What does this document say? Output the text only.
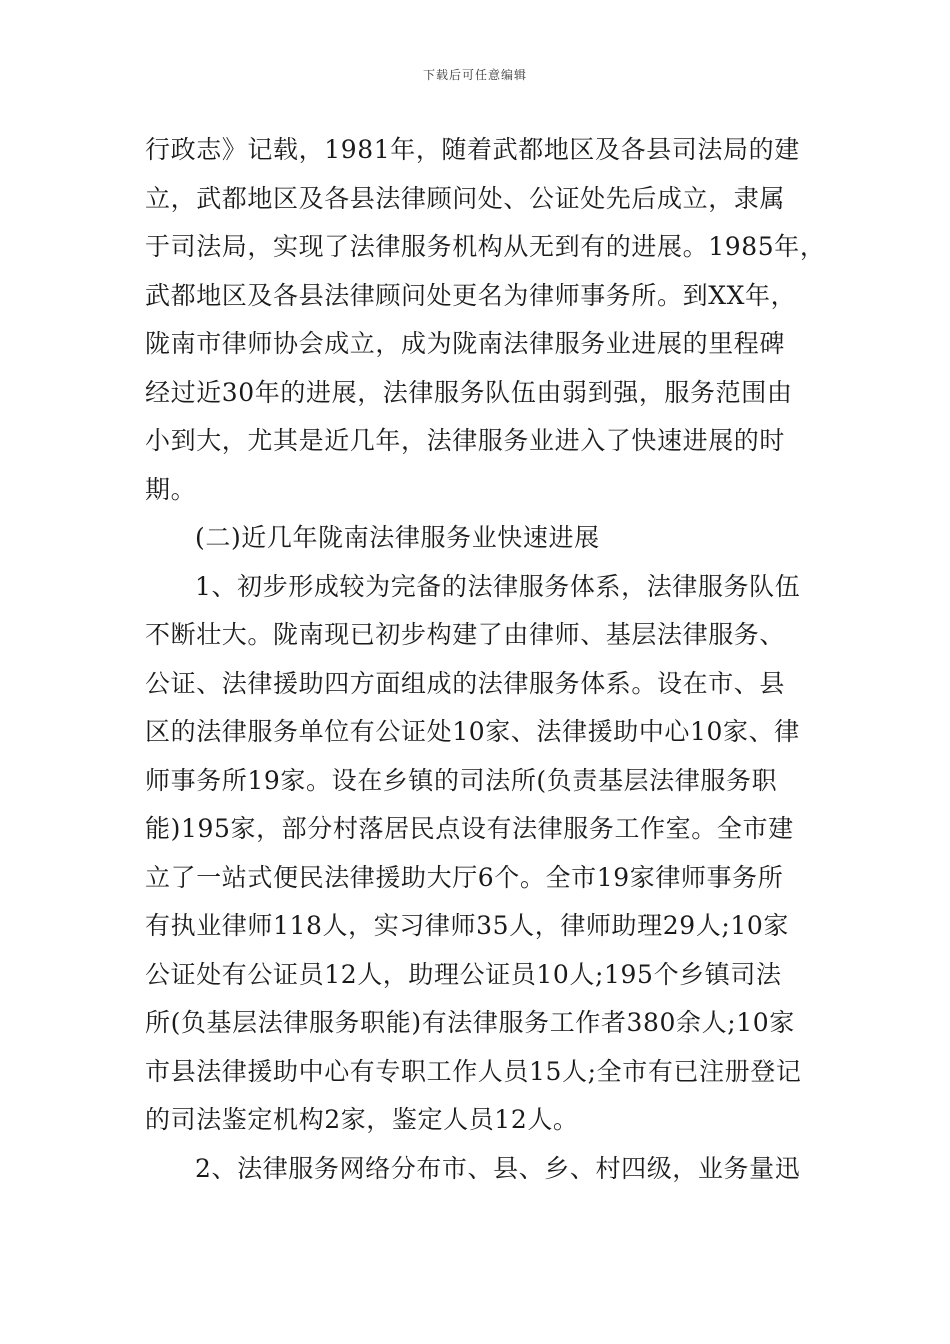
下载后可任意编辑
行政志》记载，1981年，随着武都地区及各县司法局的建
立，武都地区及各县法律顾问处、公证处先后成立，隶属
于司法局，实现了法律服务机构从无到有的进展。1985年，
武都地区及各县法律顾问处更名为律师事务所。到XX年，
陇南市律师协会成立，成为陇南法律服务业进展的里程碑
经过近30年的进展，法律服务队伍由弱到强，服务范围由
小到大，尤其是近几年，法律服务业进入了快速进展的时
期。
(二)近几年陇南法律服务业快速进展
1、初步形成较为完备的法律服务体系，法律服务队伍
不断壮大。陇南现已初步构建了由律师、基层法律服务、
公证、法律援助四方面组成的法律服务体系。设在市、县
区的法律服务单位有公证处10家、法律援助中心10家、律
师事务所19家。设在乡镇的司法所(负责基层法律服务职
能)195家，部分村落居民点设有法律服务工作室。全市建
立了一站式便民法律援助大厅6个。全市19家律师事务所
有执业律师118人，实习律师35人，律师助理29人;10家
公证处有公证员12人，助理公证员10人;195个乡镇司法
所(负基层法律服务职能)有法律服务工作者380余人;10家
市县法律援助中心有专职工作人员15人;全市有已注册登记
的司法鉴定机构2家，鉴定人员12人。
2、法律服务网络分布市、县、乡、村四级，业务量迅
